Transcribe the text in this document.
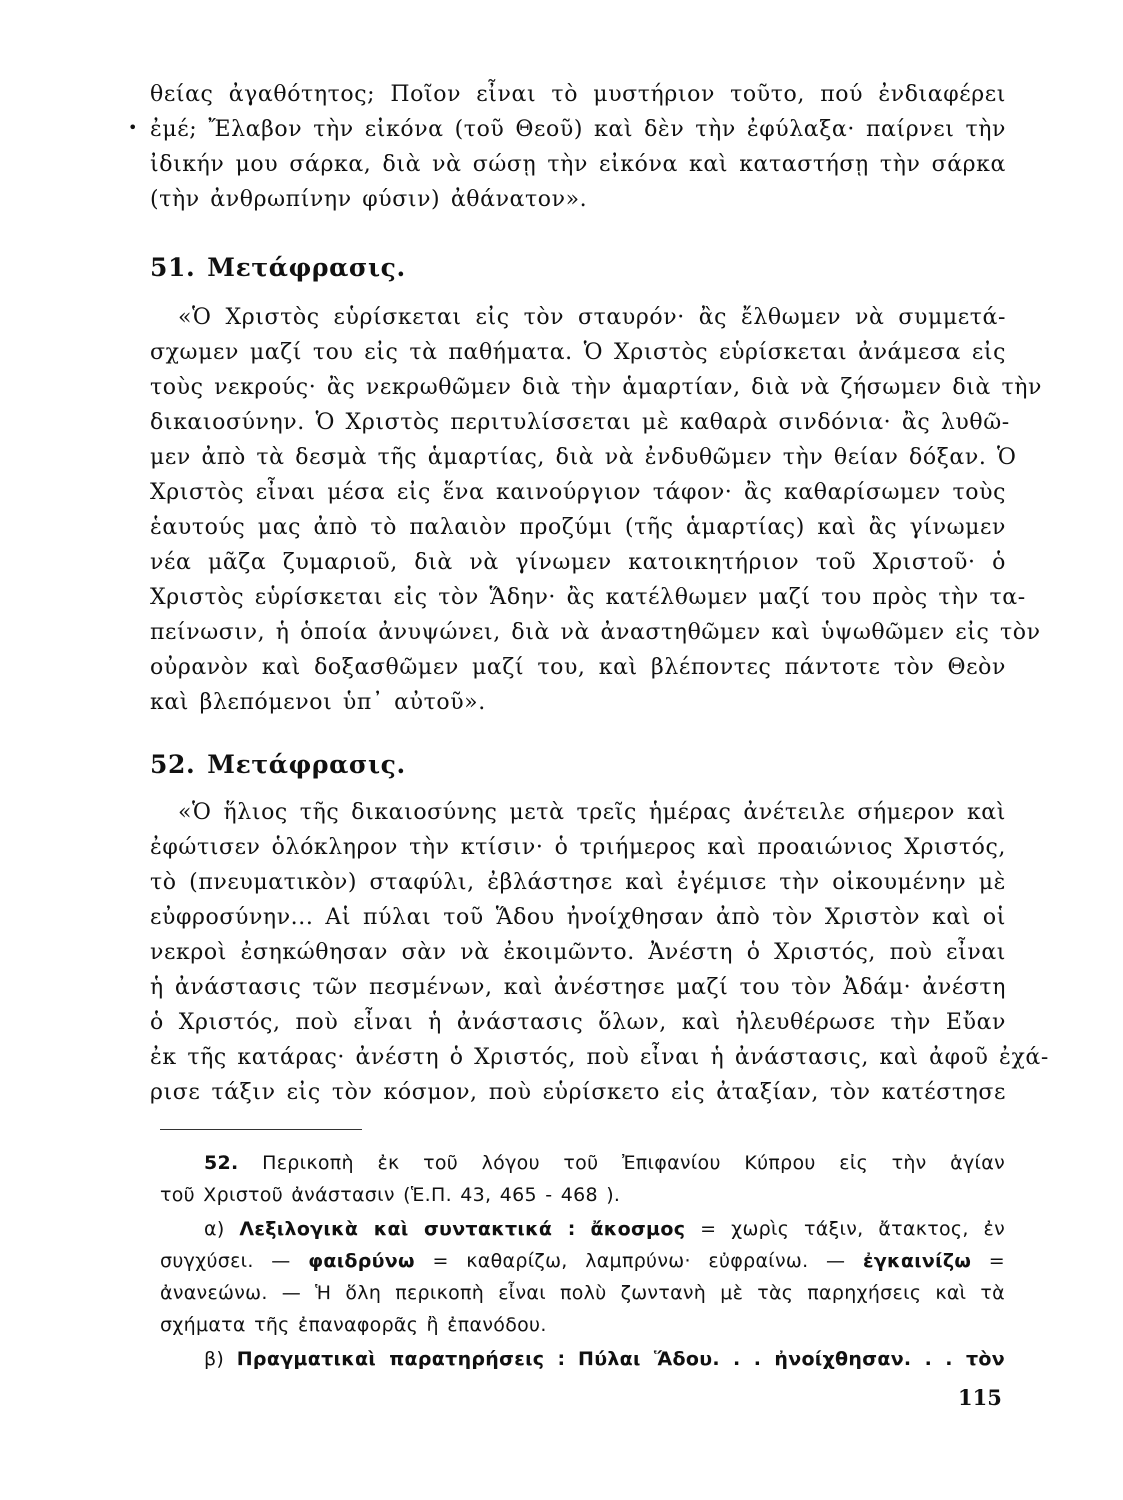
•
θείας ἀγαθότητος; Ποῖον εἶναι τὸ μυστήριον τοῦτο, πού ἐνδιαφέρει
ἐμέ; Ἔλαβον τὴν εἰκόνα (τοῦ Θεοῦ) καὶ δὲν τὴν ἐφύλαξα· παίρνει τὴν
ἰδικήν μου σάρκα, διὰ νὰ σώσῃ τὴν εἰκόνα καὶ καταστήσῃ τὴν σάρκα
(τὴν ἀνθρωπίνην φύσιν) ἀθάνατον».
51. Μετάφρασις.
«Ὁ Χριστὸς εὑρίσκεται εἰς τὸν σταυρόν· ἂς ἔλθωμεν νὰ συμμετά-
σχωμεν μαζί του εἰς τὰ παθήματα. Ὁ Χριστὸς εὑρίσκεται ἀνάμεσα εἰς
τοὺς νεκρούς· ἂς νεκρωθῶμεν διὰ τὴν ἁμαρτίαν, διὰ νὰ ζήσωμεν διὰ τὴν
δικαιοσύνην. Ὁ Χριστὸς περιτυλίσσεται μὲ καθαρὰ σινδόνια· ἂς λυθῶ-
μεν ἀπὸ τὰ δεσμὰ τῆς ἁμαρτίας, διὰ νὰ ἐνδυθῶμεν τὴν θείαν δόξαν. Ὁ
Χριστὸς εἶναι μέσα εἰς ἕνα καινούργιον τάφον· ἂς καθαρίσωμεν τοὺς
ἑαυτούς μας ἀπὸ τὸ παλαιὸν προζύμι (τῆς ἁμαρτίας) καὶ ἂς γίνωμεν
νέα μᾶζα ζυμαριοῦ, διὰ νὰ γίνωμεν κατοικητήριον τοῦ Χριστοῦ· ὁ
Χριστὸς εὑρίσκεται εἰς τὸν Ἅδην· ἂς κατέλθωμεν μαζί του πρὸς τὴν τα-
πείνωσιν, ἡ ὁποία ἀνυψώνει, διὰ νὰ ἀναστηθῶμεν καὶ ὑψωθῶμεν εἰς τὸν
οὐρανὸν καὶ δοξασθῶμεν μαζί του, καὶ βλέποντες πάντοτε τὸν Θεὸν
καὶ βλεπόμενοι ὑπ᾽ αὐτοῦ».
52. Μετάφρασις.
«Ὁ ἥλιος τῆς δικαιοσύνης μετὰ τρεῖς ἡμέρας ἀνέτειλε σήμερον καὶ
ἐφώτισεν ὁλόκληρον τὴν κτίσιν· ὁ τριήμερος καὶ προαιώνιος Χριστός,
τὸ (πνευματικὸν) σταφύλι, ἐβλάστησε καὶ ἐγέμισε τὴν οἰκουμένην μὲ
εὐφροσύνην... Αἱ πύλαι τοῦ Ἅδου ἠνοίχθησαν ἀπὸ τὸν Χριστὸν καὶ οἱ
νεκροὶ ἐσηκώθησαν σὰν νὰ ἐκοιμῶντο. Ἀνέστη ὁ Χριστός, ποὺ εἶναι
ἡ ἀνάστασις τῶν πεσμένων, καὶ ἀνέστησε μαζί του τὸν Ἀδάμ· ἀνέστη
ὁ Χριστός, ποὺ εἶναι ἡ ἀνάστασις ὅλων, καὶ ἠλευθέρωσε τὴν Εὔαν
ἐκ τῆς κατάρας· ἀνέστη ὁ Χριστός, ποὺ εἶναι ἡ ἀνάστασις, καὶ ἀφοῦ ἐχά-
ρισε τάξιν εἰς τὸν κόσμον, ποὺ εὑρίσκετο εἰς ἀταξίαν, τὸν κατέστησε
52. Περικοπὴ ἐκ τοῦ λόγου τοῦ Ἐπιφανίου Κύπρου εἰς τὴν ἁγίαν
τοῦ Χριστοῦ ἀνάστασιν (Ἑ.Π. 43, 465 - 468 ).
α) Λεξιλογικὰ καὶ συντακτικά : ἄκοσμος = χωρὶς τάξιν, ἄτακτος, ἐν
συγχύσει. — φαιδρύνω = καθαρίζω, λαμπρύνω· εὐφραίνω. — ἐγκαινίζω =
ἀνανεώνω. — Ἡ ὅλη περικοπὴ εἶναι πολὺ ζωντανὴ μὲ τὰς παρηχήσεις καὶ τὰ
σχήματα τῆς ἐπαναφορᾶς ἢ ἐπανόδου.
β) Πραγματικαὶ παρατηρήσεις : Πύλαι Ἅδου. . . ἠνοίχθησαν. . . τὸν
115
